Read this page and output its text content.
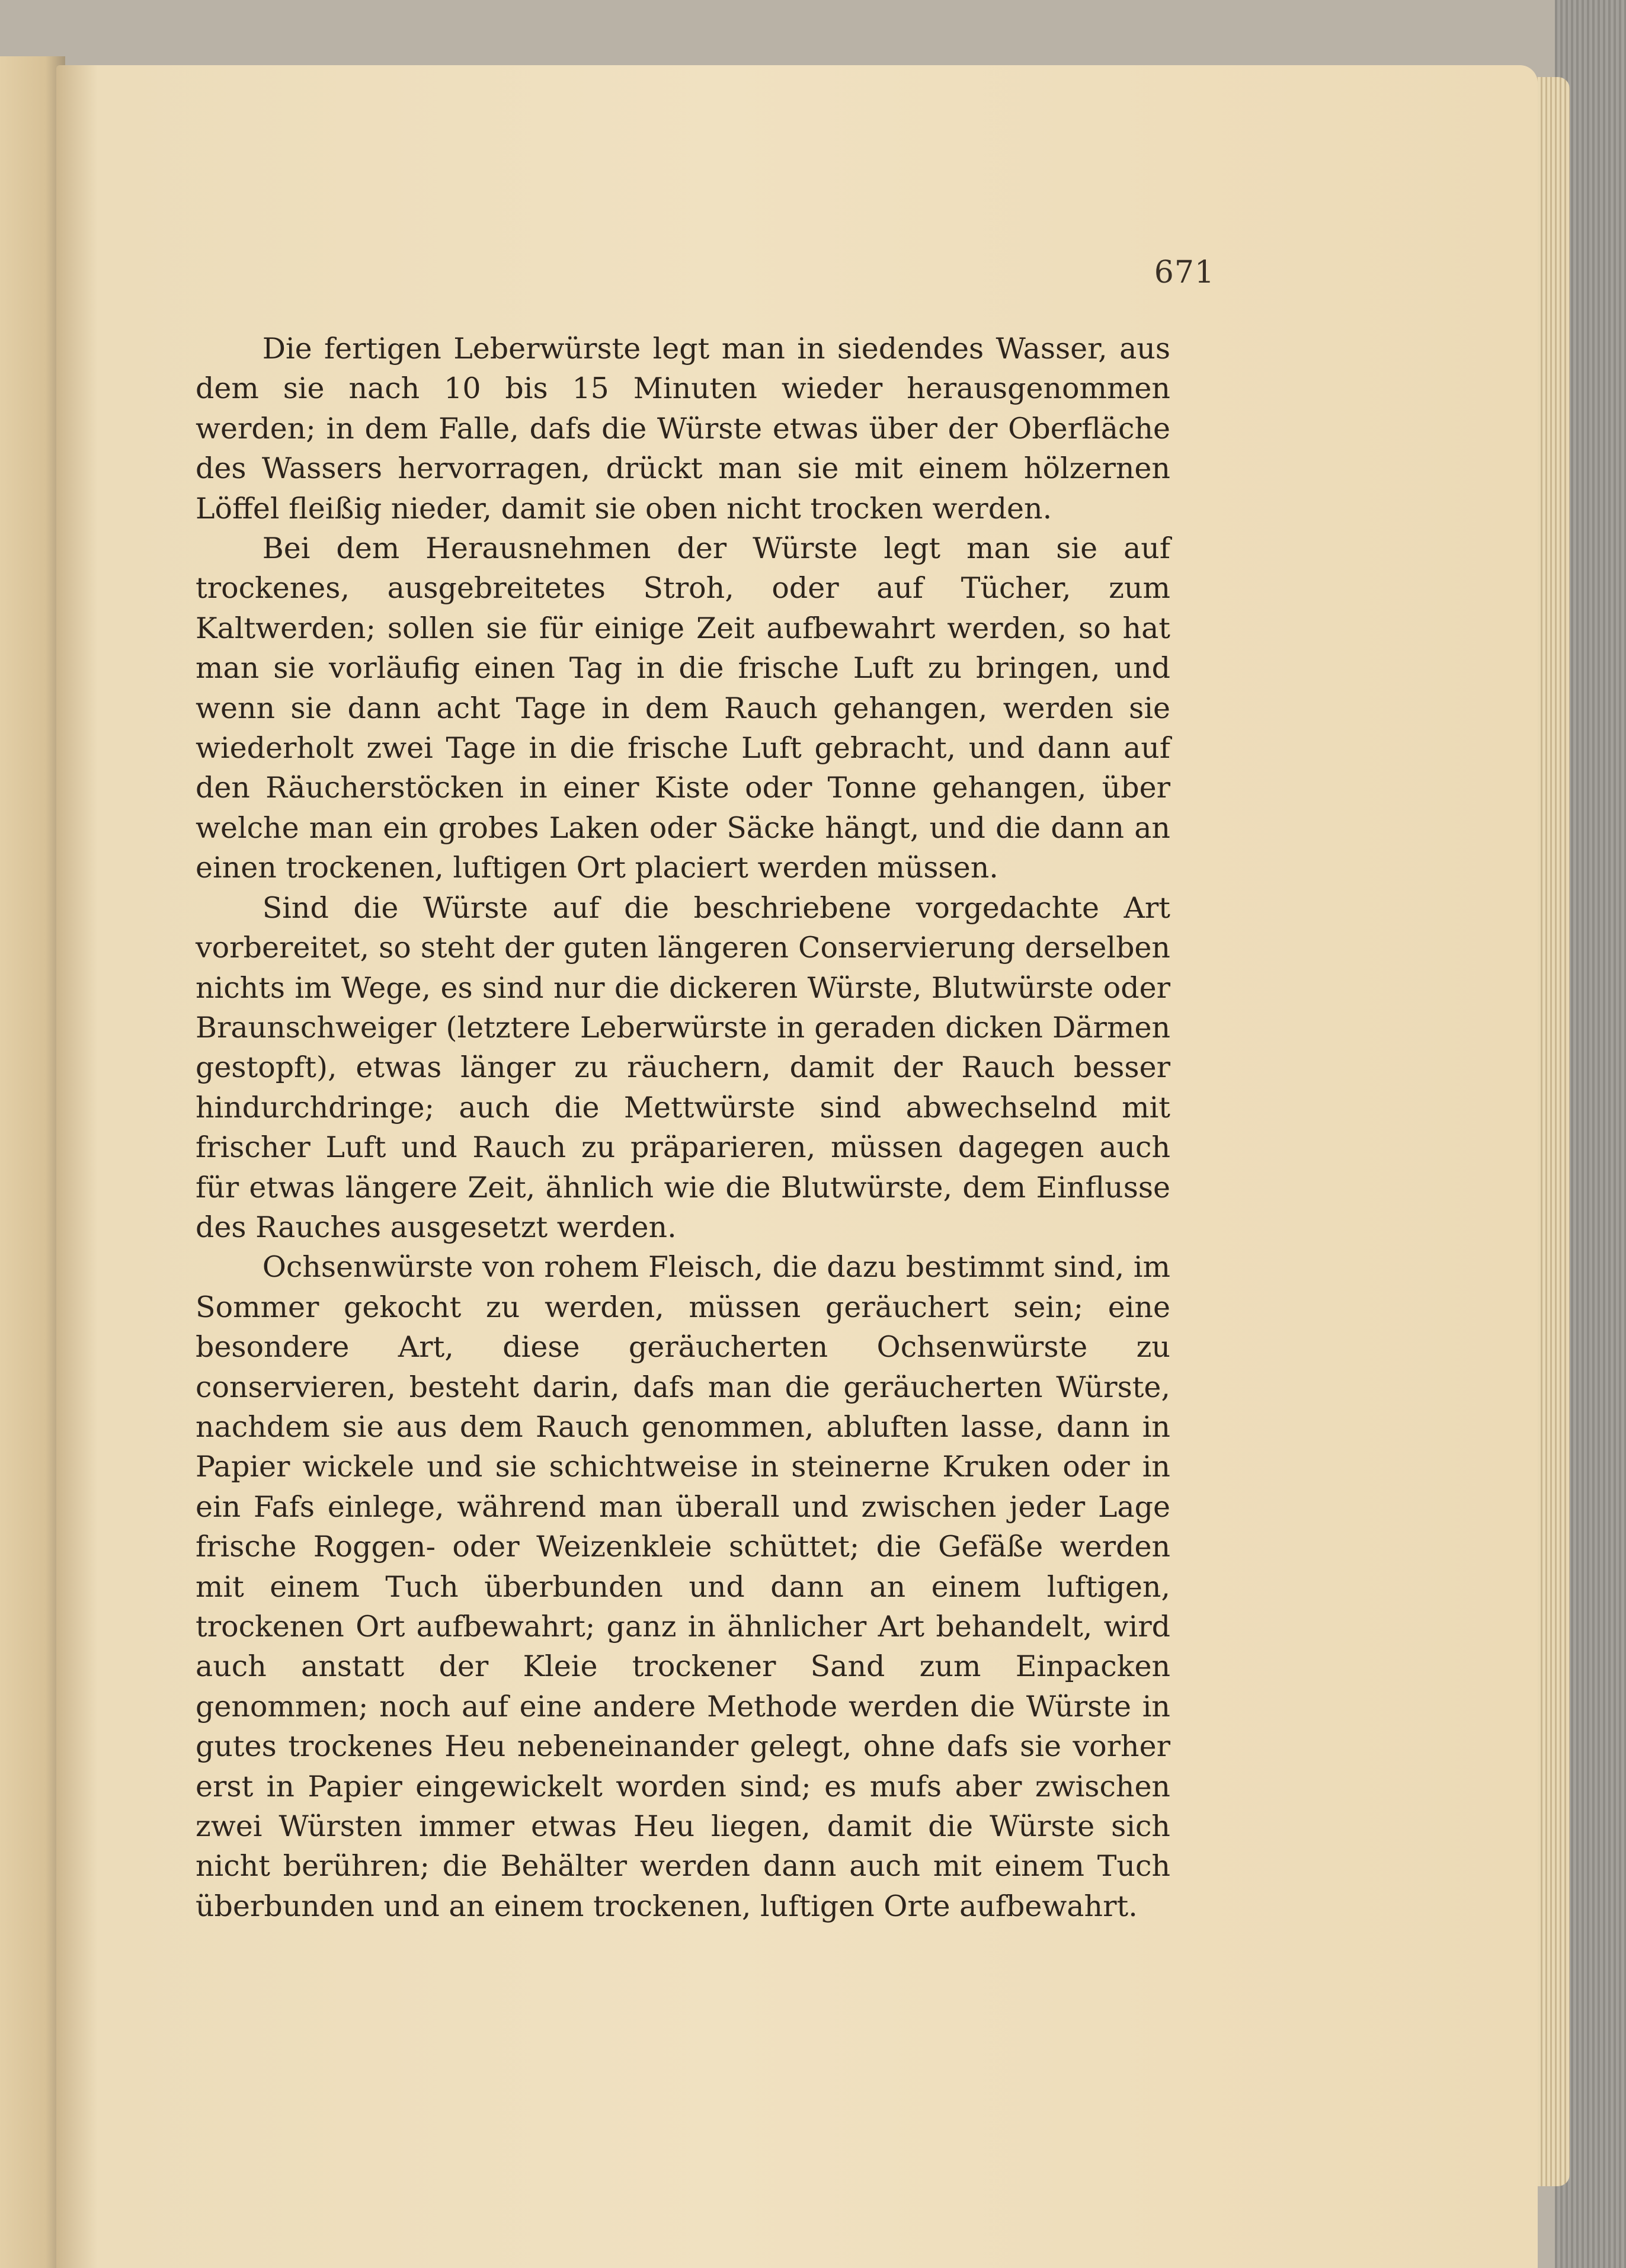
671

Die fertigen Leberwürste legt man in siedendes Wasser, aus dem sie nach 10 bis 15 Minuten wieder herausgenommen werden; in dem Falle, dafs die Würste etwas über der Oberfläche des Wassers hervorragen, drückt man sie mit einem hölzernen Löffel fleißig nieder, damit sie oben nicht trocken werden.

Bei dem Herausnehmen der Würste legt man sie auf trockenes, ausgebreitetes Stroh, oder auf Tücher, zum Kaltwerden; sollen sie für einige Zeit aufbewahrt werden, so hat man sie vorläufig einen Tag in die frische Luft zu bringen, und wenn sie dann acht Tage in dem Rauch gehangen, werden sie wiederholt zwei Tage in die frische Luft gebracht, und dann auf den Räucherstöcken in einer Kiste oder Tonne gehangen, über welche man ein grobes Laken oder Säcke hängt, und die dann an einen trockenen, luftigen Ort placiert werden müssen.

Sind die Würste auf die beschriebene vorgedachte Art vorbereitet, so steht der guten längeren Conservierung derselben nichts im Wege, es sind nur die dickeren Würste, Blutwürste oder Braunschweiger (letztere Leberwürste in geraden dicken Därmen gestopft), etwas länger zu räuchern, damit der Rauch besser hindurchdringe; auch die Mettwürste sind abwechselnd mit frischer Luft und Rauch zu präparieren, müssen dagegen auch für etwas längere Zeit, ähnlich wie die Blutwürste, dem Einflusse des Rauches ausgesetzt werden.

Ochsenwürste von rohem Fleisch, die dazu bestimmt sind, im Sommer gekocht zu werden, müssen geräuchert sein; eine besondere Art, diese geräucherten Ochsenwürste zu conservieren, besteht darin, dafs man die geräucherten Würste, nachdem sie aus dem Rauch genommen, abluften lasse, dann in Papier wickele und sie schichtweise in steinerne Kruken oder in ein Fafs einlege, während man überall und zwischen jeder Lage frische Roggen- oder Weizenkleie schüttet; die Gefäße werden mit einem Tuch überbunden und dann an einem luftigen, trockenen Ort aufbewahrt; ganz in ähnlicher Art behandelt, wird auch anstatt der Kleie trockener Sand zum Einpacken genommen; noch auf eine andere Methode werden die Würste in gutes trockenes Heu nebeneinander gelegt, ohne dafs sie vorher erst in Papier eingewickelt worden sind; es mufs aber zwischen zwei Würsten immer etwas Heu liegen, damit die Würste sich nicht berühren; die Behälter werden dann auch mit einem Tuch überbunden und an einem trockenen, luftigen Orte aufbewahrt.
